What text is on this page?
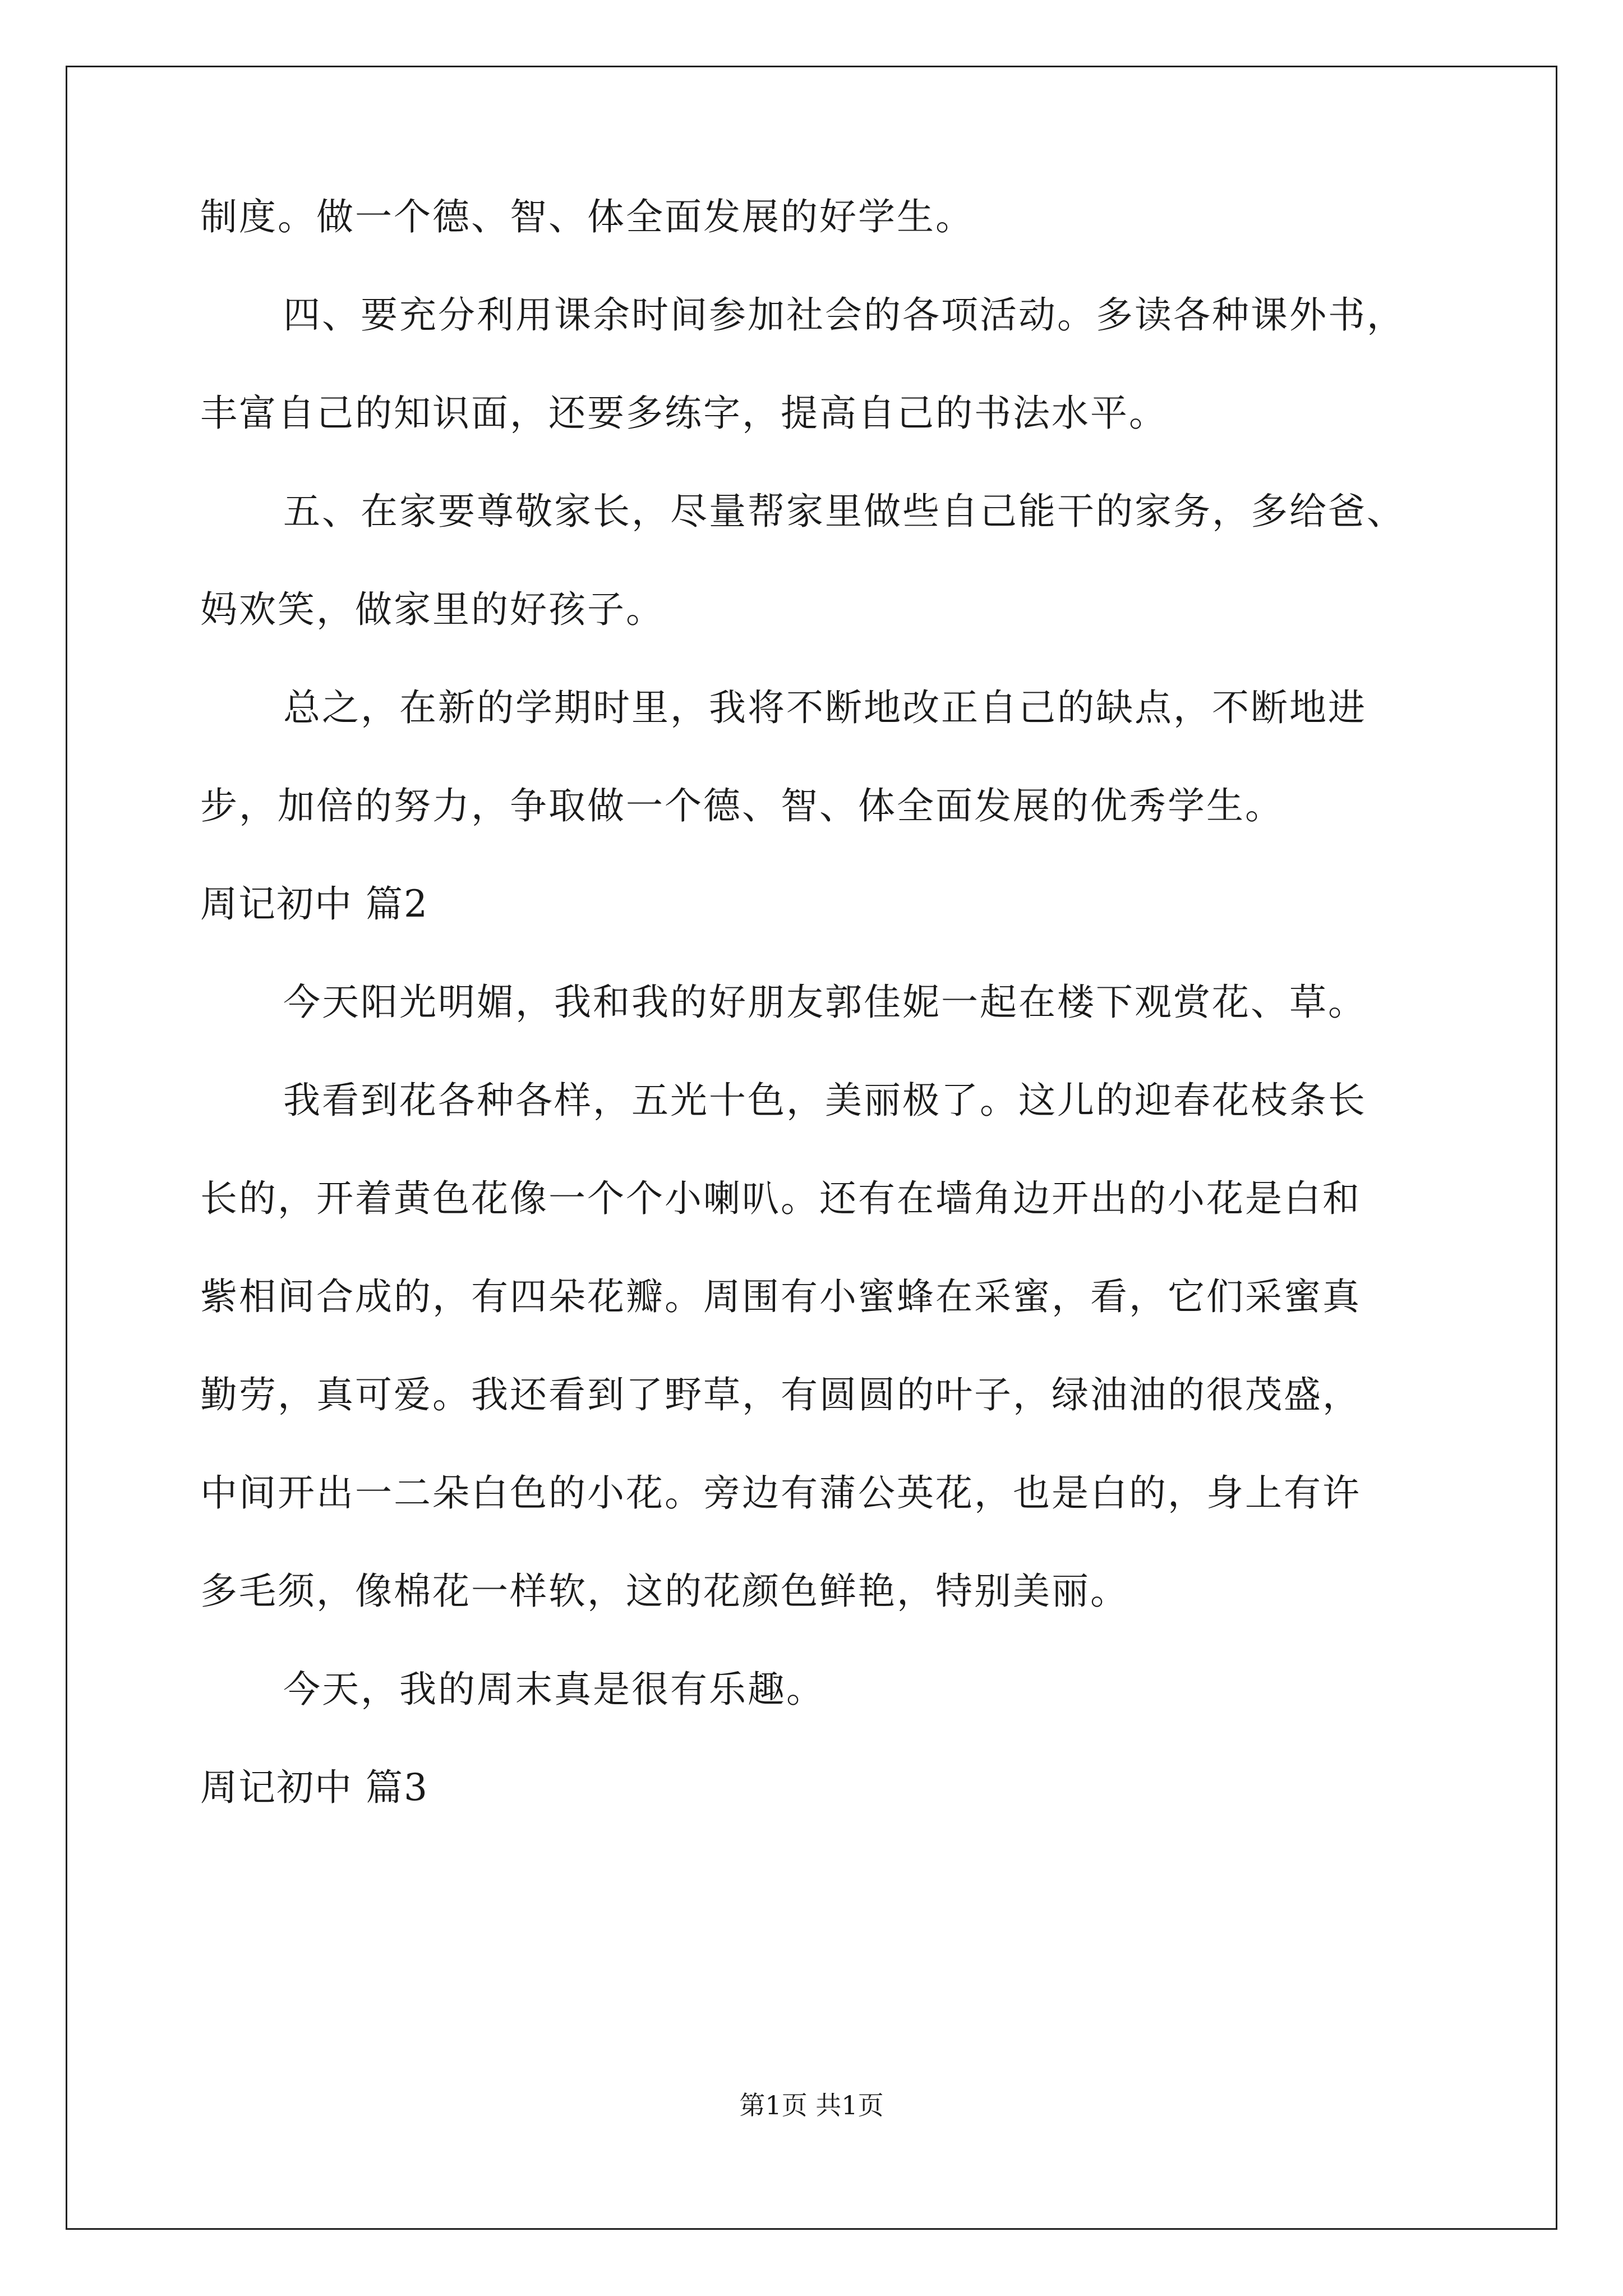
制度。做一个德、智、体全面发展的好学生。
四、要充分利用课余时间参加社会的各项活动。多读各种课外书，
丰富自己的知识面，还要多练字，提高自己的书法水平。
五、在家要尊敬家长，尽量帮家里做些自己能干的家务，多给爸、
妈欢笑，做家里的好孩子。
总之，在新的学期时里，我将不断地改正自己的缺点，不断地进
步，加倍的努力，争取做一个德、智、体全面发展的优秀学生。
周记初中 篇2
今天阳光明媚，我和我的好朋友郭佳妮一起在楼下观赏花、草。
我看到花各种各样，五光十色，美丽极了。这儿的迎春花枝条长
长的，开着黄色花像一个个小喇叭。还有在墙角边开出的小花是白和
紫相间合成的，有四朵花瓣。周围有小蜜蜂在采蜜，看，它们采蜜真
勤劳，真可爱。我还看到了野草，有圆圆的叶子，绿油油的很茂盛，
中间开出一二朵白色的小花。旁边有蒲公英花，也是白的，身上有许
多毛须，像棉花一样软，这的花颜色鲜艳，特别美丽。
今天，我的周末真是很有乐趣。
周记初中 篇3
第1页 共1页
